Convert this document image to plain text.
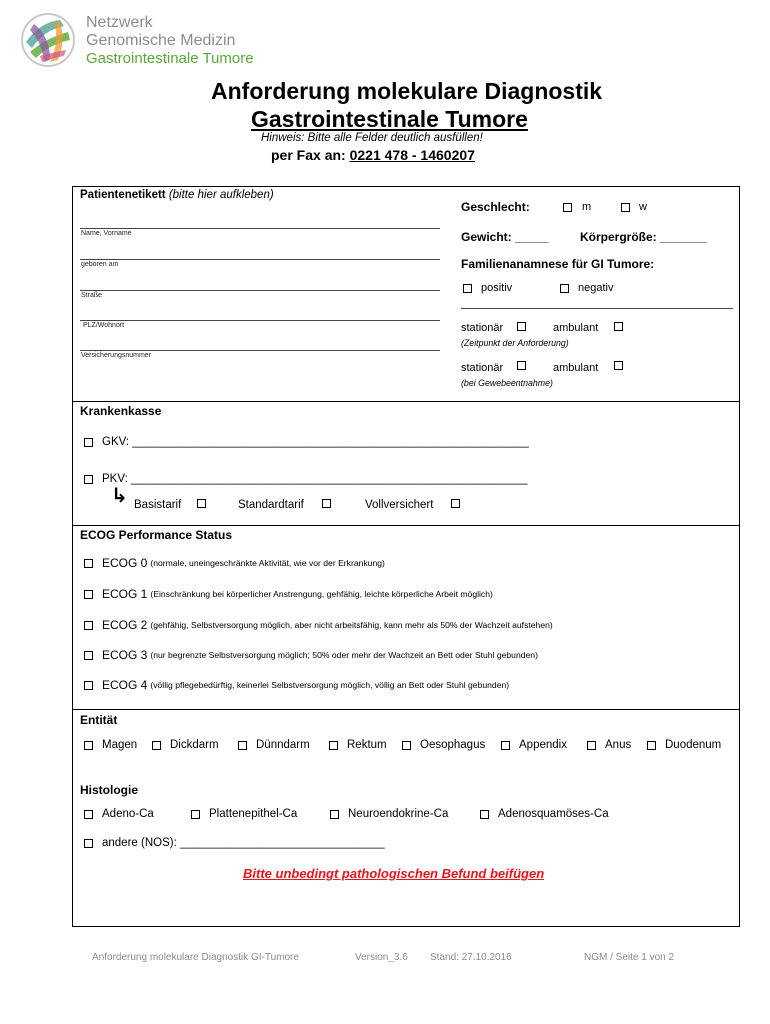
Netzwerk
Genomische Medizin
Gastrointestinale Tumore
Anforderung molekulare Diagnostik
Gastrointestinale Tumore
Hinweis: Bitte alle Felder deutlich ausfüllen!
per Fax an: 0221 478 - 1460207
Patientenetikett (bitte hier aufkleben)
Name, Vorname
geboren am
Straße
PLZ/Wohnort
Versicherungsnummer
Geschlecht:	m	w
Gewicht: _____	Körpergröße: _______
Familienanamnese für GI Tumore:
positiv	negativ
stationär	ambulant
(Zeitpunkt der Anforderung)
stationär	ambulant
(bei Gewebeentnahme)
Krankenkasse
GKV: ______________________________________________________________
PKV: ______________________________________________________________
↳ Basistarif	Standardtarif	Vollversichert
ECOG Performance Status
ECOG 0 (normale, uneingeschränkte Aktivität, wie vor der Erkrankung)
ECOG 1 (Einschränkung bei körperlicher Anstrengung, gehfähig, leichte körperliche Arbeit möglich)
ECOG 2 (gehfähig, Selbstversorgung möglich, aber nicht arbeitsfähig, kann mehr als 50% der Wachzeit aufstehen)
ECOG 3 (nur begrenzte Selbstversorgung möglich; 50% oder mehr der Wachzeit an Bett oder Stuhl gebunden)
ECOG 4 (völlig pflegebedürftig, keinerlei Selbstversorgung möglich, völlig an Bett oder Stuhl gebunden)
Entität
Magen	Dickdarm	Dünndarm	Rektum	Oesophagus	Appendix	Anus	Duodenum
Histologie
Adeno-Ca	Plattenepithel-Ca	Neuroendokrine-Ca	Adenosquamöses-Ca
andere (NOS): ________________________________
Bitte unbedingt pathologischen Befund beifügen
Anforderung molekulare Diagnostik GI-Tumore	Version_3.6 Stand: 27.10.2016	NGM / Seite 1 von 2
